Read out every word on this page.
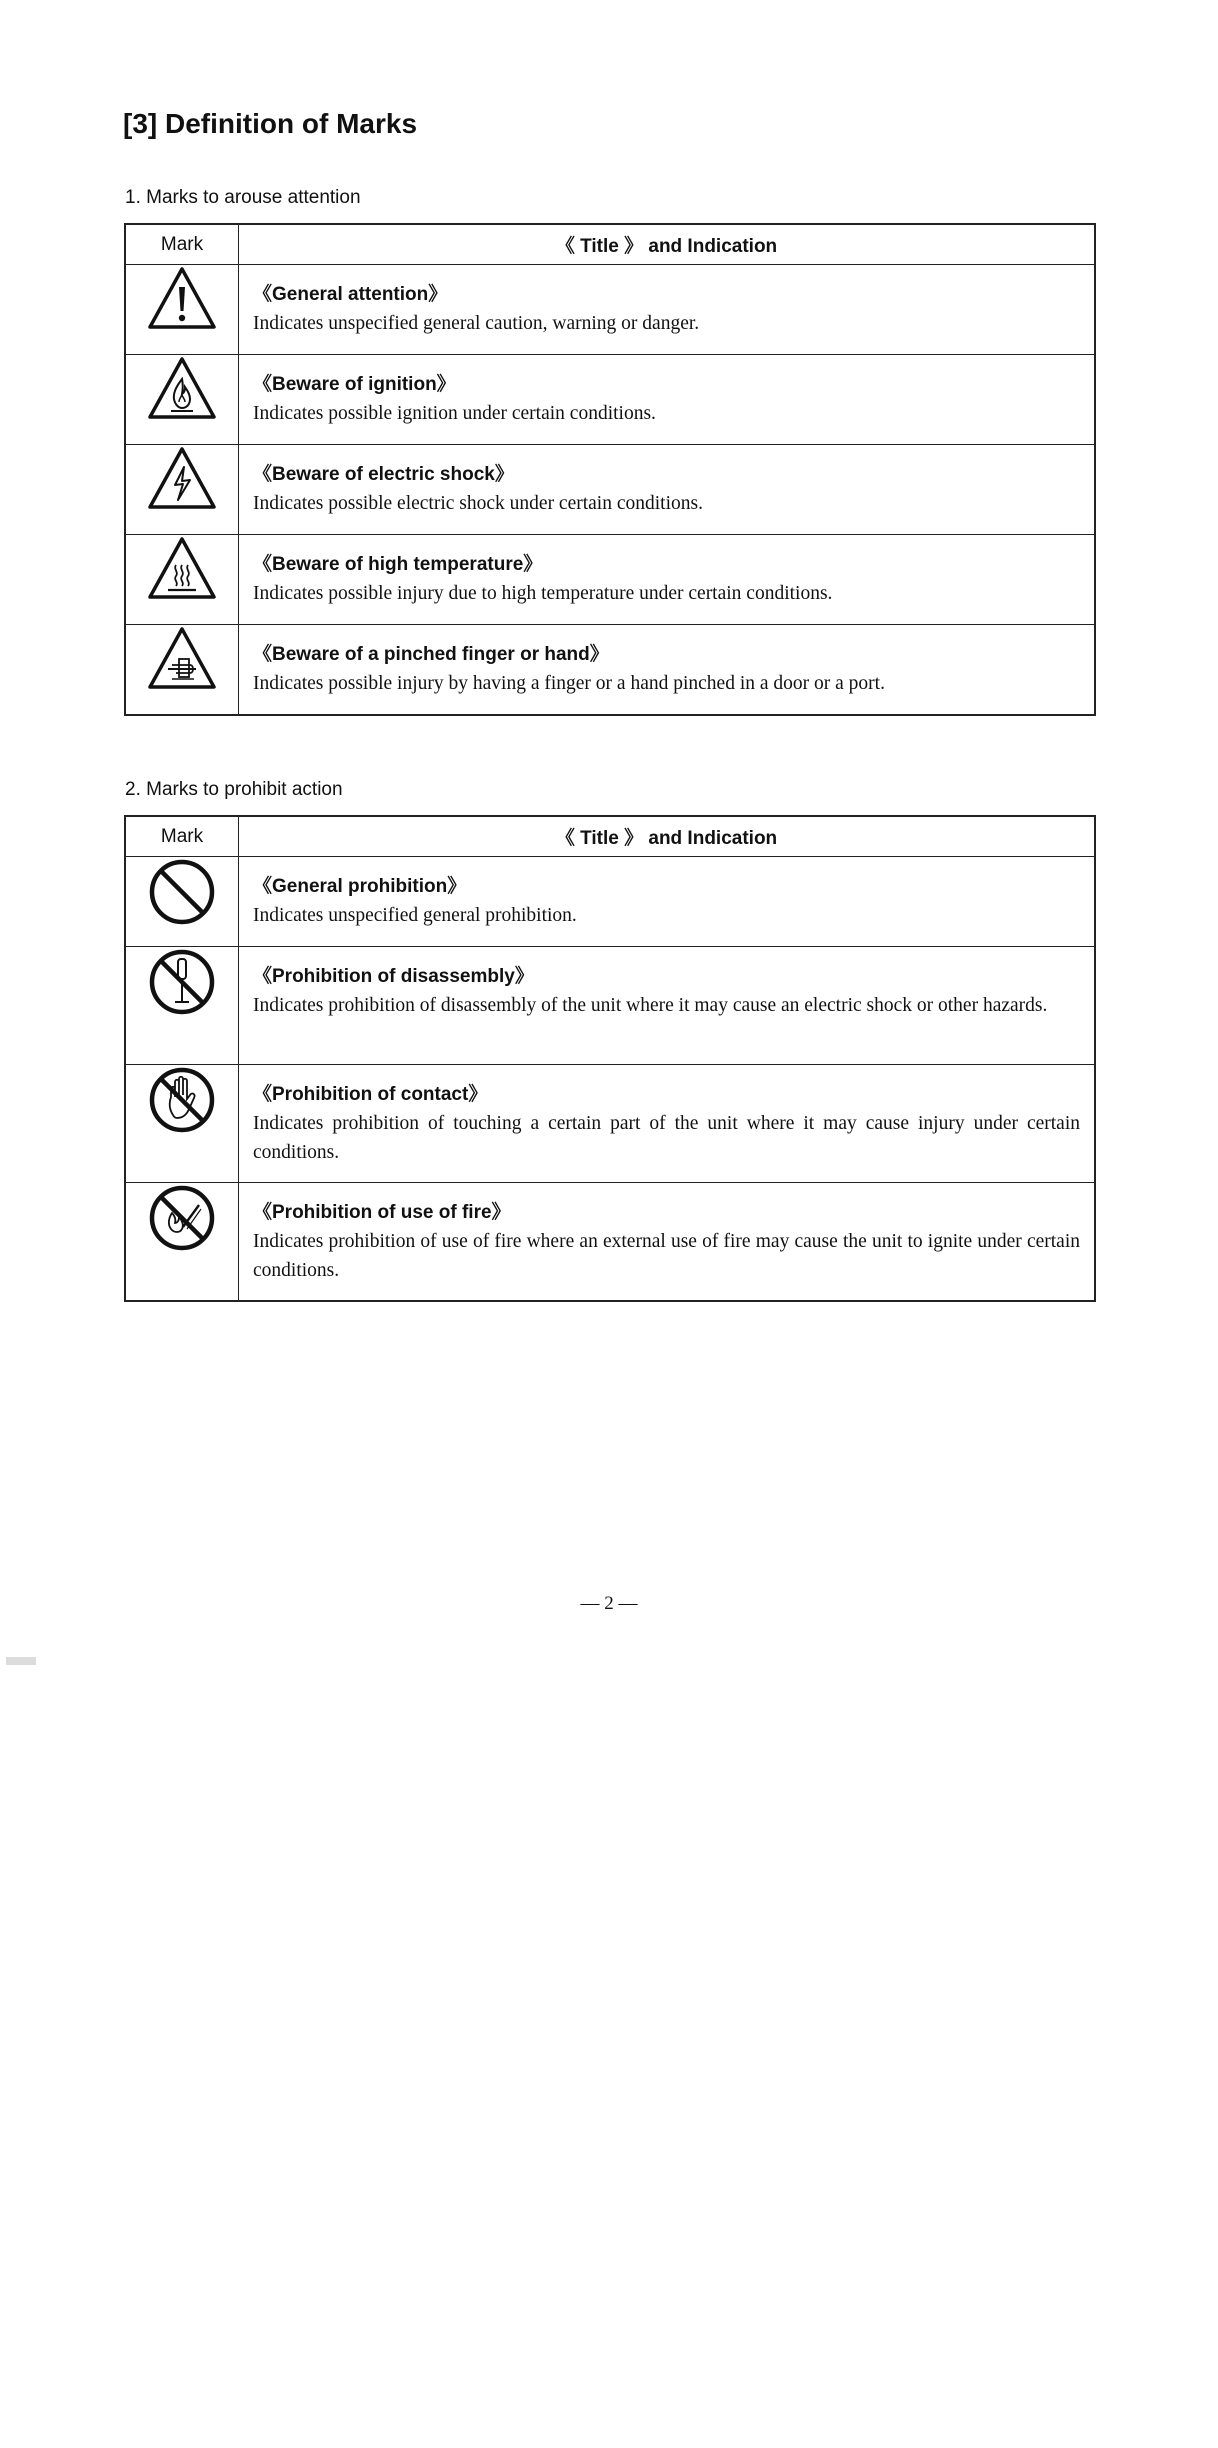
[3] Definition of Marks

1. Marks to arouse attention

Mark	《 Title 》 and Indication

《General attention》
Indicates unspecified general caution, warning or danger.

《Beware of ignition》
Indicates possible ignition under certain conditions.

《Beware of electric shock》
Indicates possible electric shock under certain conditions.

《Beware of high temperature》
Indicates possible injury due to high temperature under certain conditions.

《Beware of a pinched finger or hand》
Indicates possible injury by having a finger or a hand pinched in a door or a port.

2. Marks to prohibit action

Mark	《 Title 》 and Indication

《General prohibition》
Indicates unspecified general prohibition.

《Prohibition of disassembly》
Indicates prohibition of disassembly of the unit where it may cause an electric shock or other hazards.

《Prohibition of contact》
Indicates prohibition of touching a certain part of the unit where it may cause injury under certain conditions.

《Prohibition of use of fire》
Indicates prohibition of use of fire where an external use of fire may cause the unit to ignite under certain conditions.
— 2 —
